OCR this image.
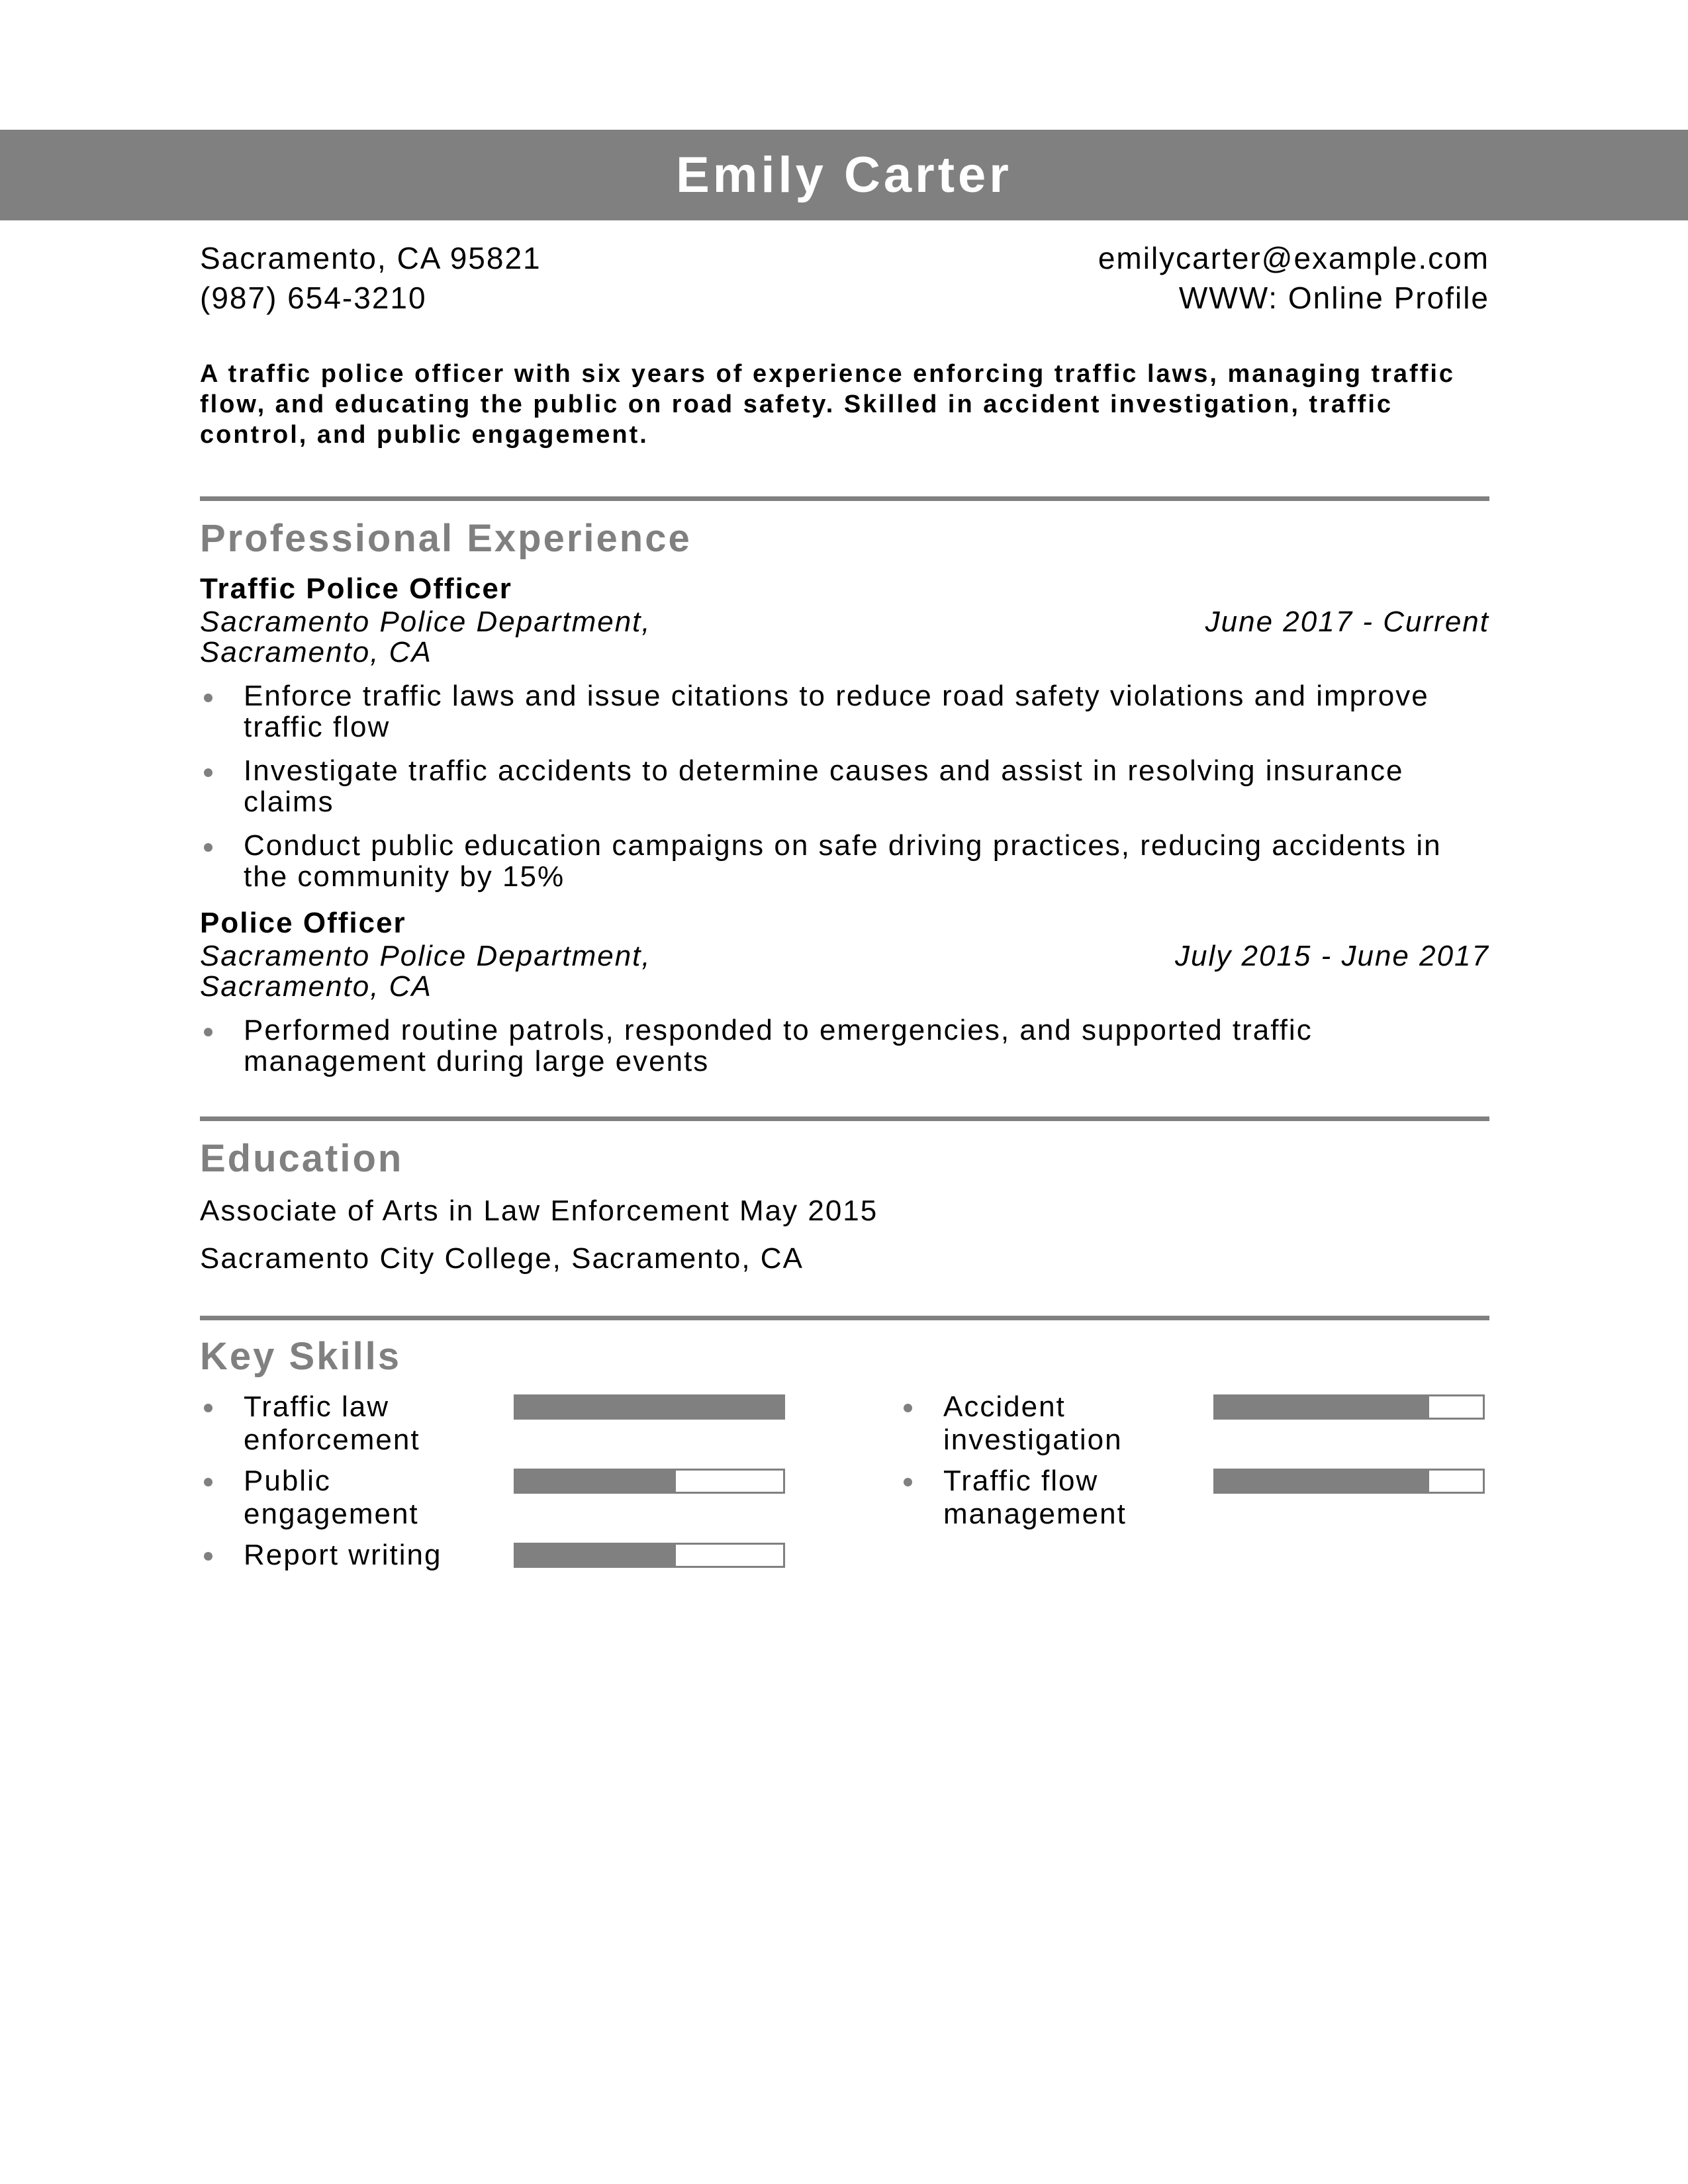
Emily Carter
Sacramento, CA 95821
(987) 654-3210
emilycarter@example.com
WWW: Online Profile
A traffic police officer with six years of experience enforcing traffic laws, managing traffic flow, and educating the public on road safety. Skilled in accident investigation, traffic control, and public engagement.
Professional Experience
Traffic Police Officer
Sacramento Police Department, Sacramento, CA
June 2017 - Current
Enforce traffic laws and issue citations to reduce road safety violations and improve traffic flow
Investigate traffic accidents to determine causes and assist in resolving insurance claims
Conduct public education campaigns on safe driving practices, reducing accidents in the community by 15%
Police Officer
Sacramento Police Department, Sacramento, CA
July 2015 - June 2017
Performed routine patrols, responded to emergencies, and supported traffic management during large events
Education
Associate of Arts in Law Enforcement May 2015
Sacramento City College, Sacramento, CA
Key Skills
Traffic law enforcement
Accident investigation
Public engagement
Traffic flow management
Report writing
